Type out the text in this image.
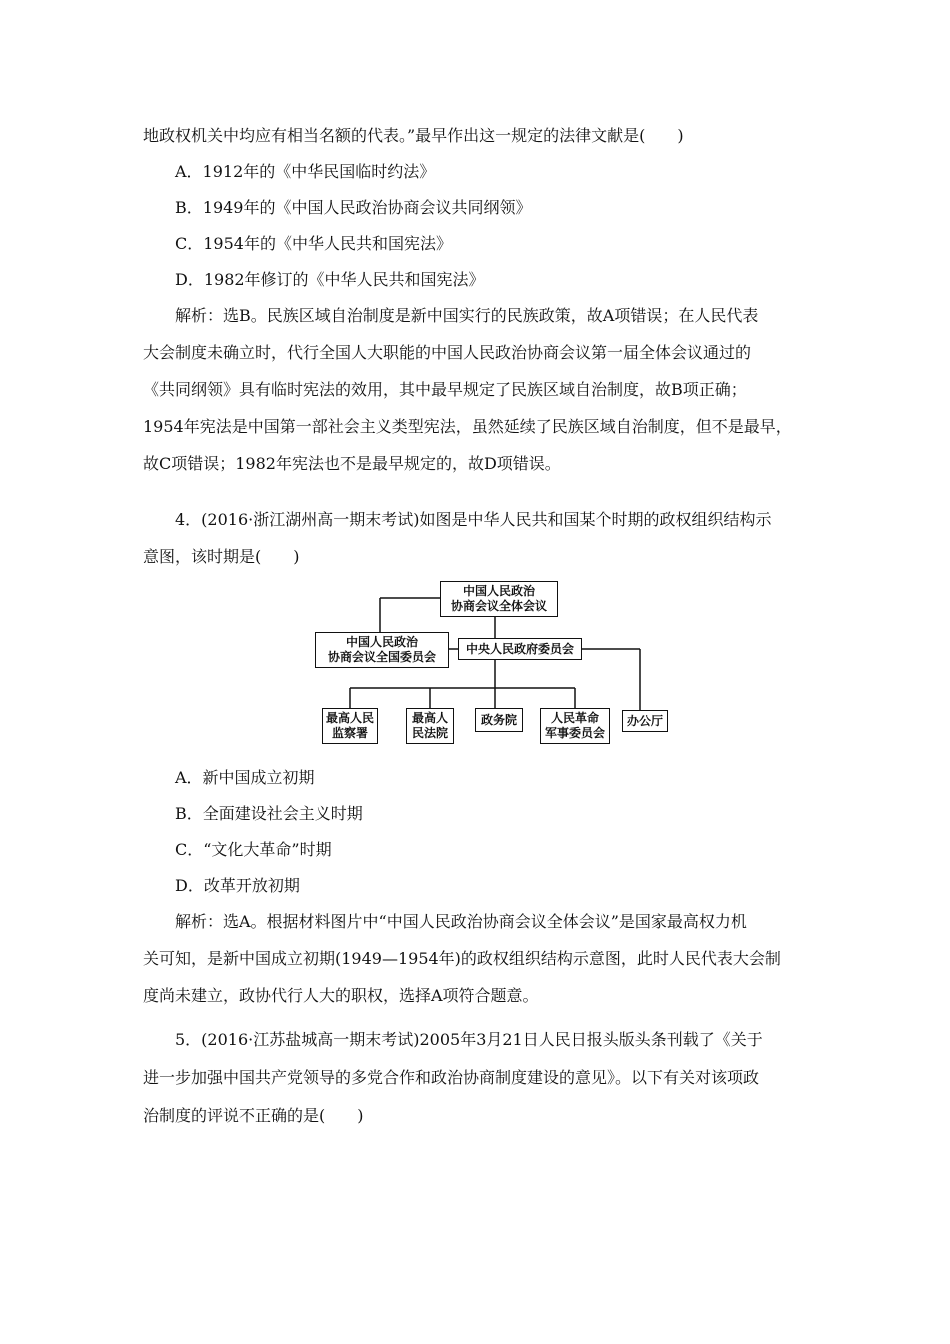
地政权机关中均应有相当名额的代表。”最早作出这一规定的法律文献是(　　)
A．1912年的《中华民国临时约法》
B．1949年的《中国人民政治协商会议共同纲领》
C．1954年的《中华人民共和国宪法》
D．1982年修订的《中华人民共和国宪法》
解析：选B。民族区域自治制度是新中国实行的民族政策，故A项错误；在人民代表
大会制度未确立时，代行全国人大职能的中国人民政治协商会议第一届全体会议通过的
《共同纲领》具有临时宪法的效用，其中最早规定了民族区域自治制度，故B项正确；
1954年宪法是中国第一部社会主义类型宪法，虽然延续了民族区域自治制度，但不是最早，
故C项错误；1982年宪法也不是最早规定的，故D项错误。
4．(2016·浙江湖州高一期末考试)如图是中华人民共和国某个时期的政权组织结构示
意图，该时期是(　　)
中国人民政治
协商会议全体会议
中国人民政治
协商会议全国委员会
中央人民政府委员会
最高人民
监察署
最高人
民法院
政务院	人民革命
军事委员会
办公厅
A．新中国成立初期
B．全面建设社会主义时期
C．“文化大革命”时期
D．改革开放初期
解析：选A。根据材料图片中“中国人民政治协商会议全体会议”是国家最高权力机
关可知，是新中国成立初期(1949—1954年)的政权组织结构示意图，此时人民代表大会制
度尚未建立，政协代行人大的职权，选择A项符合题意。
5．(2016·江苏盐城高一期末考试)2005年3月21日人民日报头版头条刊载了《关于
进一步加强中国共产党领导的多党合作和政治协商制度建设的意见》。以下有关对该项政
治制度的评说不正确的是(　　)
